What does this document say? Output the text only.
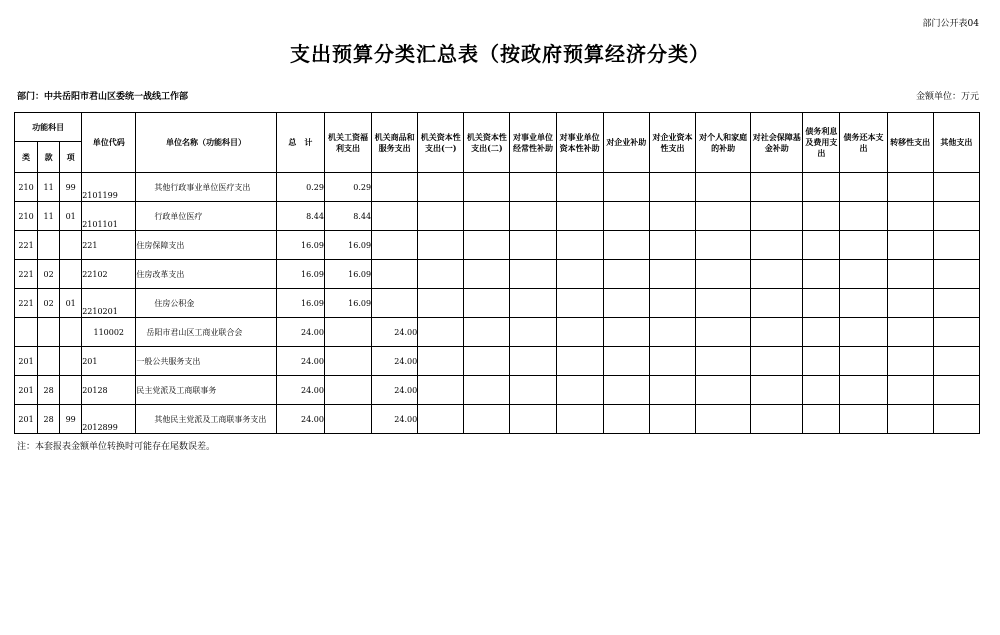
部门公开表04
支出预算分类汇总表（按政府预算经济分类）
部门：中共岳阳市君山区委统一战线工作部	金额单位：万元
功能科目			单位代码	单位名称（功能科目）	总　计	机关工资福利支出	机关商品和服务支出	机关资本性支出(一)	机关资本性支出(二)	对事业单位经常性补助	对事业单位资本性补助	对企业补助	对企业资本性支出	对个人和家庭的补助	对社会保障基金补助	债务利息及费用支出	债务还本支出	转移性支出	其他支出
类	款	项																	
210	11	99	2101199	其他行政事业单位医疗支出	0.29	0.29													
210	11	01	2101101	行政单位医疗	8.44	8.44													
221			221	住房保障支出	16.09	16.09													
221	02		22102	住房改革支出	16.09	16.09													
221	02	01	2210201	住房公积金	16.09	16.09													
			110002	岳阳市君山区工商业联合会	24.00		24.00												
201			201	一般公共服务支出	24.00		24.00												
201	28		20128	民主党派及工商联事务	24.00		24.00												
201	28	99	2012899	其他民主党派及工商联事务支出	24.00		24.00												
注：本套报表金额单位转换时可能存在尾数误差。
